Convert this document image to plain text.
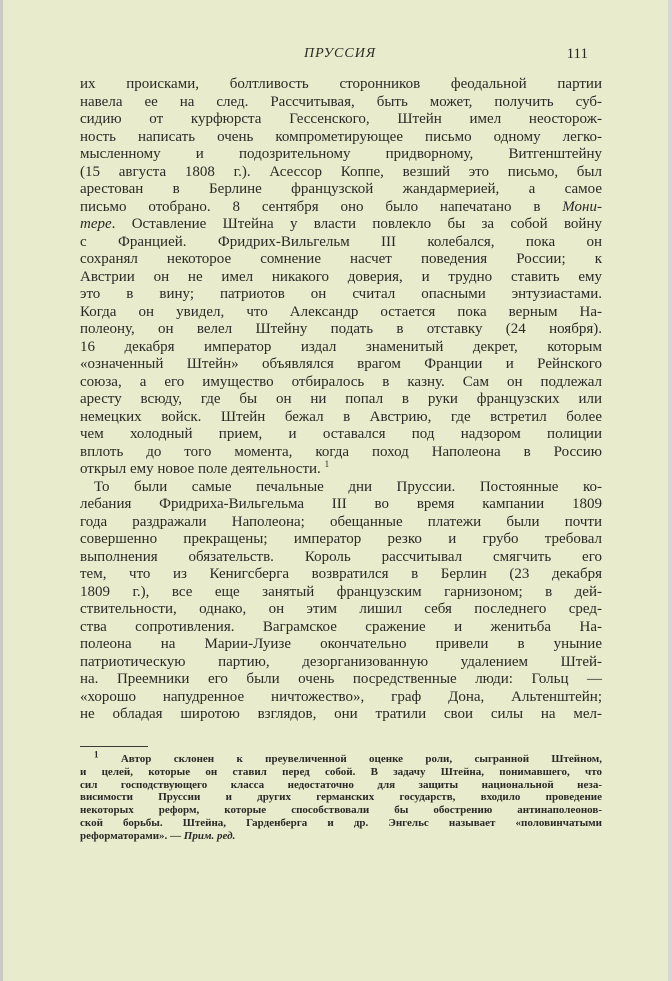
ПРУССИЯ	111
их происками, болтливость сторонников феодальной партии
навела ее на след. Рассчитывая, быть может, получить суб-
сидию от курфюрста Гессенского, Штейн имел неосторож-
ность написать очень компрометирующее письмо одному легко-
мысленному и подозрительному придворному, Витгенштейну
(15 августа 1808 г.). Асессор Коппе, везший это письмо, был
арестован в Берлине французской жандармерией, а самое
письмо отобрано. 8 сентября оно было напечатано в Мони-
тере. Оставление Штейна у власти повлекло бы за собой войну
с Францией. Фридрих-Вильгельм III колебался, пока он
сохранял некоторое сомнение насчет поведения России; к
Австрии он не имел никакого доверия, и трудно ставить ему
это в вину; патриотов он считал опасными энтузиастами.
Когда он увидел, что Александр остается пока верным На-
полеону, он велел Штейну подать в отставку (24 ноября).
16 декабря император издал знаменитый декрет, которым
«означенный Штейн» объявлялся врагом Франции и Рейнского
союза, а его имущество отбиралось в казну. Сам он подлежал
аресту всюду, где бы он ни попал в руки французских или
немецких войск. Штейн бежал в Австрию, где встретил более
чем холодный прием, и оставался под надзором полиции
вплоть до того момента, когда поход Наполеона в Россию
открыл ему новое поле деятельности. $^1$
То были самые печальные дни Пруссии. Постоянные ко-
лебания Фридриха-Вильгельма III во время кампании 1809
года раздражали Наполеона; обещанные платежи были почти
совершенно прекращены; император резко и грубо требовал
выполнения обязательств. Король рассчитывал смягчить его
тем, что из Кенигсберга возвратился в Берлин (23 декабря
1809 г.), все еще занятый французским гарнизоном; в дей-
ствительности, однако, он этим лишил себя последнего сред-
ства сопротивления. Ваграмское сражение и женитьба На-
полеона на Марии-Луизе окончательно привели в уныние
патриотическую партию, дезорганизованную удалением Штей-
на. Преемники его были очень посредственные люди: Гольц —
«хорошо напудренное ничтожество», граф Дона, Альтенштейн;
не обладая широтою взглядов, они тратили свои силы на мел-
$^1$ Автор склонен к преувеличенной оценке роли, сыгранной Штейном,
и целей, которые он ставил перед собой. В задачу Штейна, понимавшего, что
сил господствующего класса недостаточно для защиты национальной неза-
висимости Пруссии и других германских государств, входило проведение
некоторых реформ, которые способствовали бы обострению антинаполеонов-
ской борьбы. Штейна, Гарденберга и др. Энгельс называет «половинчатыми
реформаторами». — Прим. ред.
